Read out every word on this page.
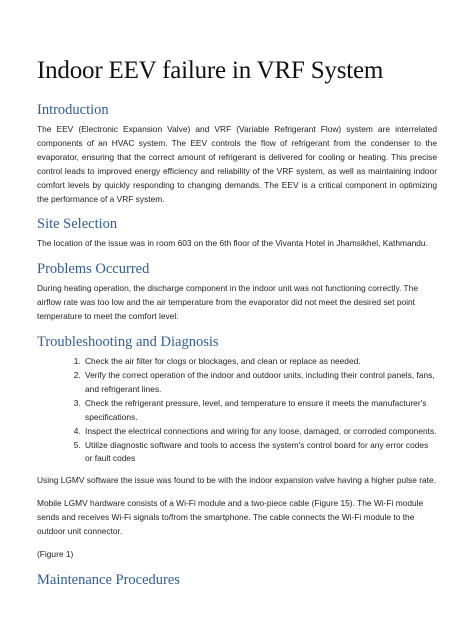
Indoor EEV failure in VRF System
Introduction

The EEV (Electronic Expansion Valve) and VRF (Variable Refrigerant Flow) system are interrelated components of an HVAC system. The EEV controls the flow of refrigerant from the condenser to the evaporator, ensuring that the correct amount of refrigerant is delivered for cooling or heating. This precise control leads to improved energy efficiency and reliability of the VRF system, as well as maintaining indoor comfort levels by quickly responding to changing demands. The EEV is a critical component in optimizing the performance of a VRF system.

Site Selection

The location of the issue was in room 603 on the 6th floor of the Vivanta Hotel in Jhamsikhel, Kathmandu.

Problems Occurred

During heating operation, the discharge component in the indoor unit was not functioning correctly. The airflow rate was too low and the air temperature from the evaporator did not meet the desired set point temperature to meet the comfort level.

Troubleshooting and Diagnosis
1. Check the air filter for clogs or blockages, and clean or replace as needed.
2. Verify the correct operation of the indoor and outdoor units, including their control panels, fans, and refrigerant lines.
3. Check the refrigerant pressure, level, and temperature to ensure it meets the manufacturer's specifications.
4. Inspect the electrical connections and wiring for any loose, damaged, or corroded components.
5. Utilize diagnostic software and tools to access the system's control board for any error codes or fault codes

Using LGMV software the issue was found to be with the indoor expansion valve having a higher pulse rate.

Mobile LGMV hardware consists of a Wi-Fi module and a two-piece cable (Figure 15). The Wi-Fi module sends and receives Wi-Fi signals to/from the smartphone. The cable connects the Wi-Fi module to the outdoor unit connector.

(Figure 1)

Maintenance Procedures
